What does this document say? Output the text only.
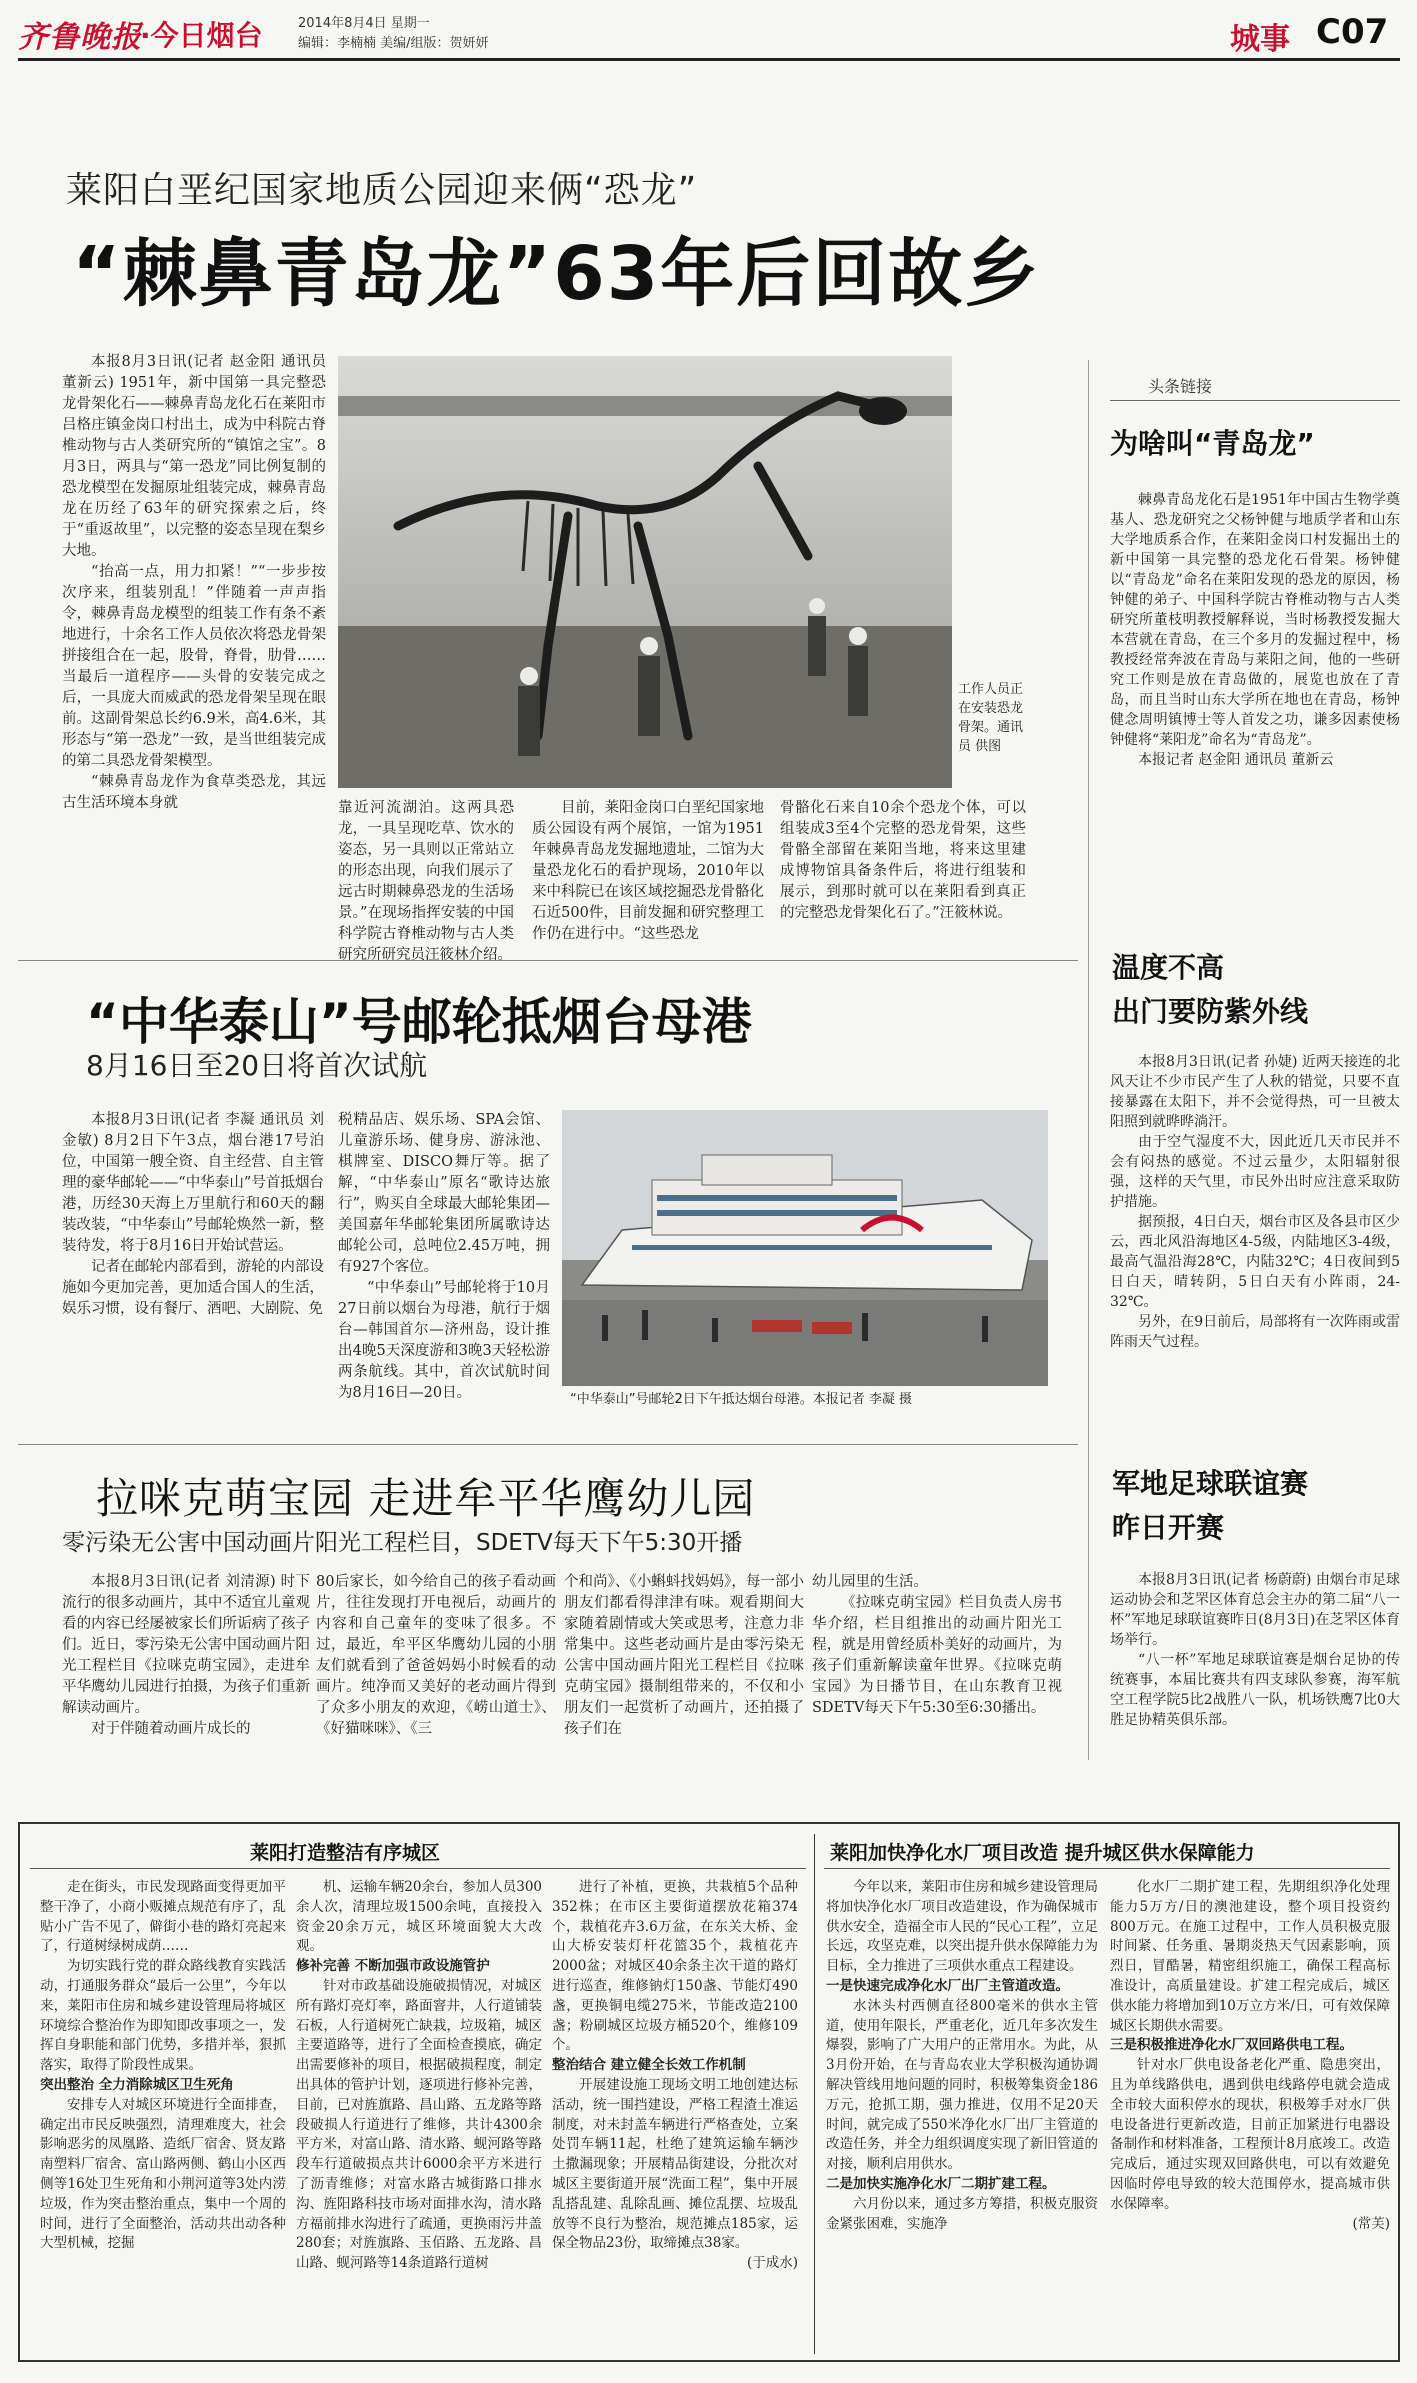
齐鲁晚报
·今日烟台	2014年8月4日 星期一
编辑：李楠楠 美编/组版：贺妍妍	城事 C07
莱阳白垩纪国家地质公园迎来俩“恐龙”
“棘鼻青岛龙”63年后回故乡

本报8月3日讯(记者 赵金阳 通讯员 董新云) 1951年，新中国第一具完整恐龙骨架化石——棘鼻青岛龙化石在莱阳市吕格庄镇金岗口村出土，成为中科院古脊椎动物与古人类研究所的“镇馆之宝”。8月3日，两具与“第一恐龙”同比例复制的恐龙模型在发掘原址组装完成，棘鼻青岛龙在历经了63年的研究探索之后，终于“重返故里”，以完整的姿态呈现在梨乡大地。

“抬高一点，用力扣紧！”“一步步按次序来，组装别乱！”伴随着一声声指令，棘鼻青岛龙模型的组装工作有条不紊地进行，十余名工作人员依次将恐龙骨架拼接组合在一起，股骨，脊骨，肋骨……当最后一道程序——头骨的安装完成之后，一具庞大而威武的恐龙骨架呈现在眼前。这副骨架总长约6.9米，高4.6米，其形态与“第一恐龙”一致，是当世组装完成的第二具恐龙骨架模型。

“棘鼻青岛龙作为食草类恐龙，其远古生活环境本身就

工作人员正在安装恐龙骨架。通讯员 供图

靠近河流湖泊。这两具恐龙，一具呈现吃草、饮水的姿态，另一具则以正常站立的形态出现，向我们展示了远古时期棘鼻恐龙的生活场景。”在现场指挥安装的中国科学院古脊椎动物与古人类研究所研究员汪筱林介绍。

目前，莱阳金岗口白垩纪国家地质公园设有两个展馆，一馆为1951年棘鼻青岛龙发掘地遗址，二馆为大量恐龙化石的看护现场，2010年以来中科院已在该区域挖掘恐龙骨骼化石近500件，目前发掘和研究整理工作仍在进行中。“这些恐龙

骨骼化石来自10余个恐龙个体，可以组装成3至4个完整的恐龙骨架，这些骨骼全部留在莱阳当地，将来这里建成博物馆具备条件后，将进行组装和展示，到那时就可以在莱阳看到真正的完整恐龙骨架化石了。”汪筱林说。

头条链接
为啥叫“青岛龙”

棘鼻青岛龙化石是1951年中国古生物学奠基人、恐龙研究之父杨钟健与地质学者和山东大学地质系合作，在莱阳金岗口村发掘出土的新中国第一具完整的恐龙化石骨架。杨钟健以“青岛龙”命名在莱阳发现的恐龙的原因，杨钟健的弟子、中国科学院古脊椎动物与古人类研究所董枝明教授解释说，当时杨教授发掘大本营就在青岛，在三个多月的发掘过程中，杨教授经常奔波在青岛与莱阳之间，他的一些研究工作则是放在青岛做的，展览也放在了青岛，而且当时山东大学所在地也在青岛，杨钟健念周明镇博士等人首发之功，谦多因素使杨钟健将“莱阳龙”命名为“青岛龙”。

本报记者 赵金阳 通讯员 董新云

“中华泰山”号邮轮抵烟台母港
8月16日至20日将首次试航

本报8月3日讯(记者 李凝 通讯员 刘金敏) 8月2日下午3点，烟台港17号泊位，中国第一艘全资、自主经营、自主管理的豪华邮轮——“中华泰山”号首抵烟台港，历经30天海上万里航行和60天的翻装改装，“中华泰山”号邮轮焕然一新，整装待发，将于8月16日开始试营运。

记者在邮轮内部看到，游轮的内部设施如今更加完善，更加适合国人的生活，娱乐习惯，设有餐厅、酒吧、大剧院、免

税精品店、娱乐场、SPA会馆、儿童游乐场、健身房、游泳池、棋牌室、DISCO舞厅等。据了解，“中华泰山”原名“歌诗达旅行”，购买自全球最大邮轮集团—美国嘉年华邮轮集团所属歌诗达邮轮公司，总吨位2.45万吨，拥有927个客位。

“中华泰山”号邮轮将于10月27日前以烟台为母港，航行于烟台—韩国首尔—济州岛，设计推出4晚5天深度游和3晚3天轻松游两条航线。其中，首次试航时间为8月16日—20日。	“中华泰山”号邮轮2日下午抵达烟台母港。本报记者 李凝 摄
温度不高
出门要防紫外线

本报8月3日讯(记者 孙婕) 近两天接连的北风天让不少市民产生了人秋的错觉，只要不直接暴露在太阳下，并不会觉得热，可一旦被太阳照到就晔晔淌汗。

由于空气湿度不大，因此近几天市民并不会有闷热的感觉。不过云量少，太阳辐射很强，这样的天气里，市民外出时应注意采取防护措施。

据预报，4日白天，烟台市区及各县市区少云，西北风沿海地区4-5级，内陆地区3-4级，最高气温沿海28℃，内陆32℃；4日夜间到5日白天，晴转阴，5日白天有小阵雨，24-32℃。

另外，在9日前后，局部将有一次阵雨或雷阵雨天气过程。

拉咪克萌宝园 走进牟平华鹰幼儿园
零污染无公害中国动画片阳光工程栏目，SDETV每天下午5:30开播

本报8月3日讯(记者 刘清源) 时下流行的很多动画片，其中不适宜儿童观看的内容已经屡被家长们所诟病了孩子们。近日，零污染无公害中国动画片阳光工程栏目《拉咪克萌宝园》，走进牟平华鹰幼儿园进行拍摄，为孩子们重新解读动画片。

对于伴随着动画片成长的

80后家长，如今给自己的孩子看动画片，往往发现打开电视后，动画片的内容和自己童年的变味了很多。不过，最近，牟平区华鹰幼儿园的小朋友们就看到了爸爸妈妈小时候看的动画片。纯净而又美好的老动画片得到了众多小朋友的欢迎，《崂山道士》、《好猫咪咪》、《三

个和尚》、《小蝌蚪找妈妈》，每一部小朋友们都看得津津有味。观看期间大家随着剧情或大笑或思考，注意力非常集中。这些老动画片是由零污染无公害中国动画片阳光工程栏目《拉咪克萌宝园》摄制组带来的，不仅和小朋友们一起赏析了动画片，还拍摄了孩子们在

幼儿园里的生活。

《拉咪克萌宝园》栏目负责人房书华介绍，栏目组推出的动画片阳光工程，就是用曾经质朴美好的动画片，为孩子们重新解读童年世界。《拉咪克萌宝园》为日播节目，在山东教育卫视SDETV每天下午5:30至6:30播出。

军地足球联谊赛
昨日开赛

本报8月3日讯(记者 杨蔚蔚) 由烟台市足球运动协会和芝罘区体育总会主办的第二届“八一杯”军地足球联谊赛昨日(8月3日)在芝罘区体育场举行。

“八一杯”军地足球联谊赛是烟台足协的传统赛事，本届比赛共有四支球队参赛，海军航空工程学院5比2战胜八一队，机场铁鹰7比0大胜足协精英俱乐部。

莱阳打造整洁有序城区

走在街头，市民发现路面变得更加平整干净了，小商小贩摊点规范有序了，乱贴小广告不见了，僻街小巷的路灯亮起来了，行道树绿树成荫……

为切实践行党的群众路线教育实践活动，打通服务群众“最后一公里”，今年以来，莱阳市住房和城乡建设管理局将城区环境综合整治作为即知即改事项之一，发挥自身职能和部门优势，多措并举，狠抓落实，取得了阶段性成果。

突出整治 全力消除城区卫生死角

安排专人对城区环境进行全面排查，确定出市民反映强烈，清理难度大，社会影响恶劣的凤凰路、造纸厂宿舍、贤友路南塑料厂宿舍、富山路两侧、鹤山小区西侧等16处卫生死角和小荆河道等3处内涝垃圾，作为突击整治重点，集中一个周的时间，进行了全面整治，活动共出动各种大型机械，挖掘

机、运输车辆20余台，参加人员300余人次，清理垃圾1500余吨，直接投入资金20余万元，城区环境面貌大大改观。

修补完善 不断加强市政设施管护

针对市政基础设施破损情况，对城区所有路灯亮灯率，路面窨井，人行道铺装石板，人行道树死亡缺栽，垃圾箱，城区主要道路等，进行了全面检查摸底，确定出需要修补的项目，根据破损程度，制定出具体的管护计划，逐项进行修补完善，目前，已对旌旗路、昌山路、五龙路等路段破损人行道进行了维修，共计4300余平方米，对富山路、清水路、蚬河路等路段车行道破损点共计6000余平方米进行了沥青维修；对富水路古城街路口排水沟、旌阳路科技市场对面排水沟，清水路方福前排水沟进行了疏通，更换雨污井盖280套；对旌旗路、玉佰路、五龙路、昌山路、蚬河路等14条道路行道树

进行了补植，更换，共栽植5个品种352株；在市区主要街道摆放花箱374个，栽植花卉3.6万盆，在东关大桥、金山大桥安装灯杆花篮35个，栽植花卉2000盆；对城区40余条主次干道的路灯进行巡查，维修钠灯150盏、节能灯490盏，更换铜电缆275米，节能改造2100盏；粉刷城区垃圾方桶520个，维修109个。

整治结合 建立健全长效工作机制

开展建设施工现场文明工地创建达标活动，统一围挡建设，严格工程渣土准运制度，对未封盖车辆进行严格查处，立案处罚车辆11起，杜绝了建筑运输车辆沙土撒漏现象；开展精品街建设，分批次对城区主要街道开展“洗面工程”，集中开展乱搭乱建、乱除乱画、摊位乱摆、垃圾乱放等不良行为整治，规范摊点185家，运保全物品23份，取缔摊点38家。

(于成水)

莱阳加快净化水厂项目改造 提升城区供水保障能力

今年以来，莱阳市住房和城乡建设管理局将加快净化水厂项目改造建设，作为确保城市供水安全，造福全市人民的“民心工程”，立足长远，攻坚克难，以突出提升供水保障能力为目标，全力推进了三项供水重点工程建设。

一是快速完成净化水厂出厂主管道改造。

水沐头村西侧直径800毫米的供水主管道，使用年限长，严重老化，近几年多次发生爆裂，影响了广大用户的正常用水。为此，从3月份开始，在与青岛农业大学积极沟通协调解决管线用地问题的同时，积极筹集资金186万元，抢抓工期，强力推进，仅用不足20天时间，就完成了550米净化水厂出厂主管道的改造任务，并全力组织调度实现了新旧管道的对接，顺利启用供水。

二是加快实施净化水厂二期扩建工程。

六月份以来，通过多方筹措，积极克服资金紧张困难，实施净

化水厂二期扩建工程，先期组织净化处理能力5万方/日的澳池建设，整个项目投资约800万元。在施工过程中，工作人员积极克服时间紧、任务重、暑期炎热天气因素影响，顶烈日，冒酷暑，精密组织施工，确保工程高标准设计，高质量建设。扩建工程完成后，城区供水能力将增加到10万立方米/日，可有效保障城区长期供水需要。

三是积极推进净化水厂双回路供电工程。

针对水厂供电设备老化严重、隐患突出，且为单线路供电，遇到供电线路停电就会造成全市较大面积停水的现状，积极筹手对水厂供电设备进行更新改造，目前正加紧进行电器设备制作和材料准备，工程预计8月底竣工。改造完成后，通过实现双回路供电，可以有效避免因临时停电导致的较大范围停水，提高城市供水保障率。

(常芙)
